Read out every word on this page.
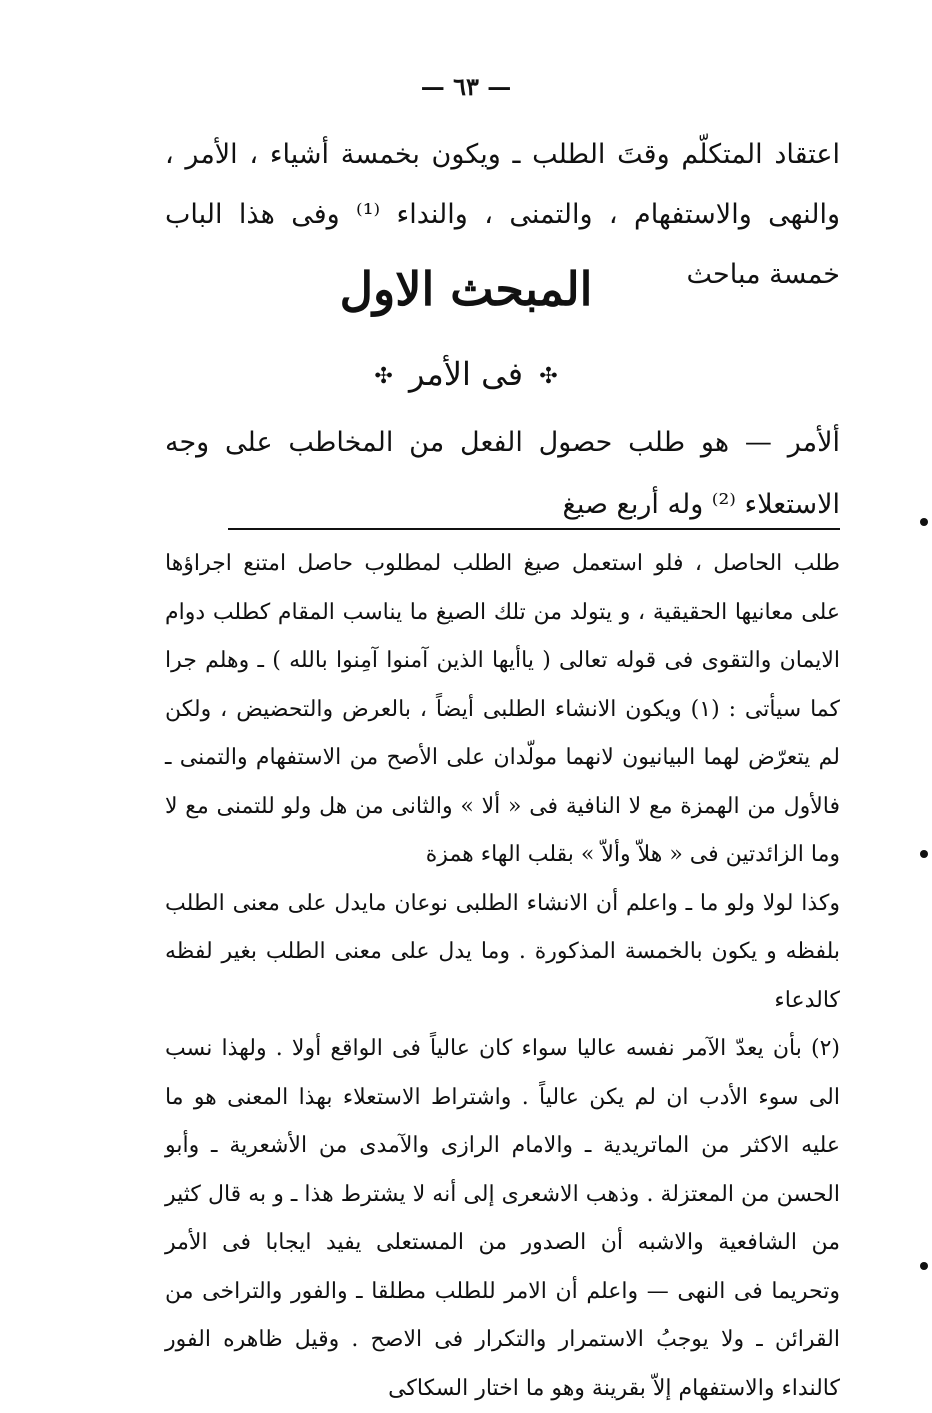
— ٦٣ —
اعتقاد المتكلّم وقتَ الطلب ـ ويكون بخمسة أشياء ، الأمر ، والنهى والاستفهام ، والتمنى ، والنداء ⁽¹⁾ وفى هذا الباب خمسة مباحث
المبحث الاول
✣ فى الأمر ✣
ألأمر — هو طلب حصول الفعل من المخاطب على وجه الاستعلاء ⁽²⁾ وله أربع صيغ

طلب الحاصل ، فلو استعمل صيغ الطلب لمطلوب حاصل امتنع اجراؤها على معانيها الحقيقية ، و يتولد من تلك الصيغ ما يناسب المقام كطلب دوام الايمان والتقوى فى قوله تعالى ( ياأيها الذين آمنوا آمِنوا بالله ) ـ وهلم جرا كما سيأتى : (١) ويكون الانشاء الطلبى أيضاً ، بالعرض والتحضيض ، ولكن لم يتعرّض لهما البيانيون لانهما مولّدان على الأصح من الاستفهام والتمنى ـ فالأول من الهمزة مع لا النافية فى « ألا » والثانى من هل ولو للتمنى مع لا وما الزائدتين فى « هلاّ وألاّ » بقلب الهاء همزة

وكذا لولا ولو ما ـ واعلم أن الانشاء الطلبى نوعان مايدل على معنى الطلب بلفظه و يكون بالخمسة المذكورة . وما يدل على معنى الطلب بغير لفظه كالدعاء

(٢) بأن يعدّ الآمر نفسه عاليا سواء كان عالياً فى الواقع أولا . ولهذا نسب الى سوء الأدب ان لم يكن عالياً . واشتراط الاستعلاء بهذا المعنى هو ما عليه الاكثر من الماتريدية ـ والامام الرازى والآمدى من الأشعرية ـ وأبو الحسن من المعتزلة . وذهب الاشعرى إلى أنه لا يشترط هذا ـ و به قال كثير من الشافعية والاشبه أن الصدور من المستعلى يفيد ايجابا فى الأمر وتحريما فى النهى — واعلم أن الامر للطلب مطلقا ـ والفور والتراخى من القرائن ـ ولا يوجبُ الاستمرار والتكرار فى الاصح . وقيل ظاهره الفور كالنداء والاستفهام إلاّ بقرينة وهو ما اختار السكاكى
